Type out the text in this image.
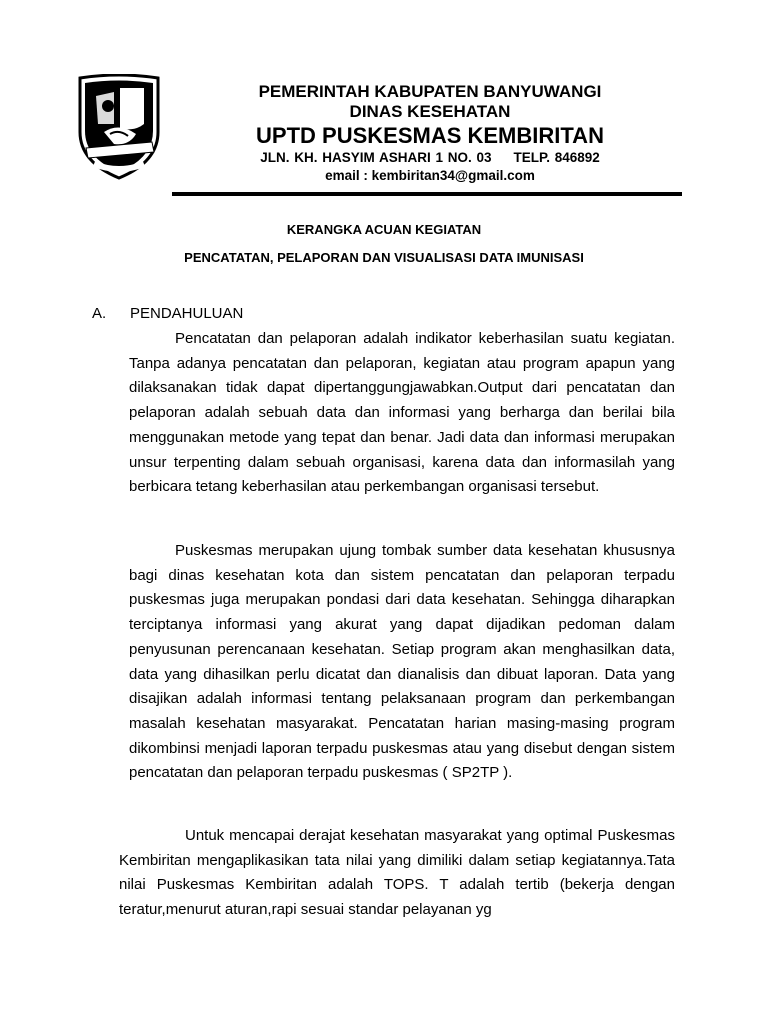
PEMERINTAH KABUPATEN BANYUWANGI
DINAS KESEHATAN
UPTD PUSKESMAS KEMBIRITAN
JLN. KH. HASYIM ASHARI 1 NO. 03 TELP. 846892
email : kembiritan34@gmail.com
KERANGKA ACUAN KEGIATAN
PENCATATAN, PELAPORAN DAN VISUALISASI DATA IMUNISASI
A. PENDAHULUAN

Pencatatan dan pelaporan adalah indikator keberhasilan suatu kegiatan. Tanpa adanya pencatatan dan pelaporan, kegiatan atau program apapun yang dilaksanakan tidak dapat dipertanggungjawabkan.Output dari pencatatan dan pelaporan adalah sebuah data dan informasi yang berharga dan berilai bila menggunakan metode yang tepat dan benar. Jadi data dan informasi merupakan unsur terpenting dalam sebuah organisasi, karena data dan informasilah yang berbicara tetang keberhasilan atau perkembangan organisasi tersebut.

Puskesmas merupakan ujung tombak sumber data kesehatan khususnya bagi dinas kesehatan kota dan sistem pencatatan dan pelaporan terpadu puskesmas juga merupakan pondasi dari data kesehatan. Sehingga diharapkan terciptanya informasi yang akurat yang dapat dijadikan pedoman dalam penyusunan perencanaan kesehatan. Setiap program akan menghasilkan data, data yang dihasilkan perlu dicatat dan dianalisis dan dibuat laporan. Data yang disajikan adalah informasi tentang pelaksanaan program dan perkembangan masalah kesehatan masyarakat. Pencatatan harian masing-masing program dikombinsi menjadi laporan terpadu puskesmas atau yang disebut dengan sistem pencatatan dan pelaporan terpadu puskesmas ( SP2TP ).

Untuk mencapai derajat kesehatan masyarakat yang optimal Puskesmas Kembiritan mengaplikasikan tata nilai yang dimiliki dalam setiap kegiatannya.Tata nilai Puskesmas Kembiritan adalah TOPS. T adalah tertib (bekerja dengan teratur,menurut aturan,rapi sesuai standar pelayanan yg
